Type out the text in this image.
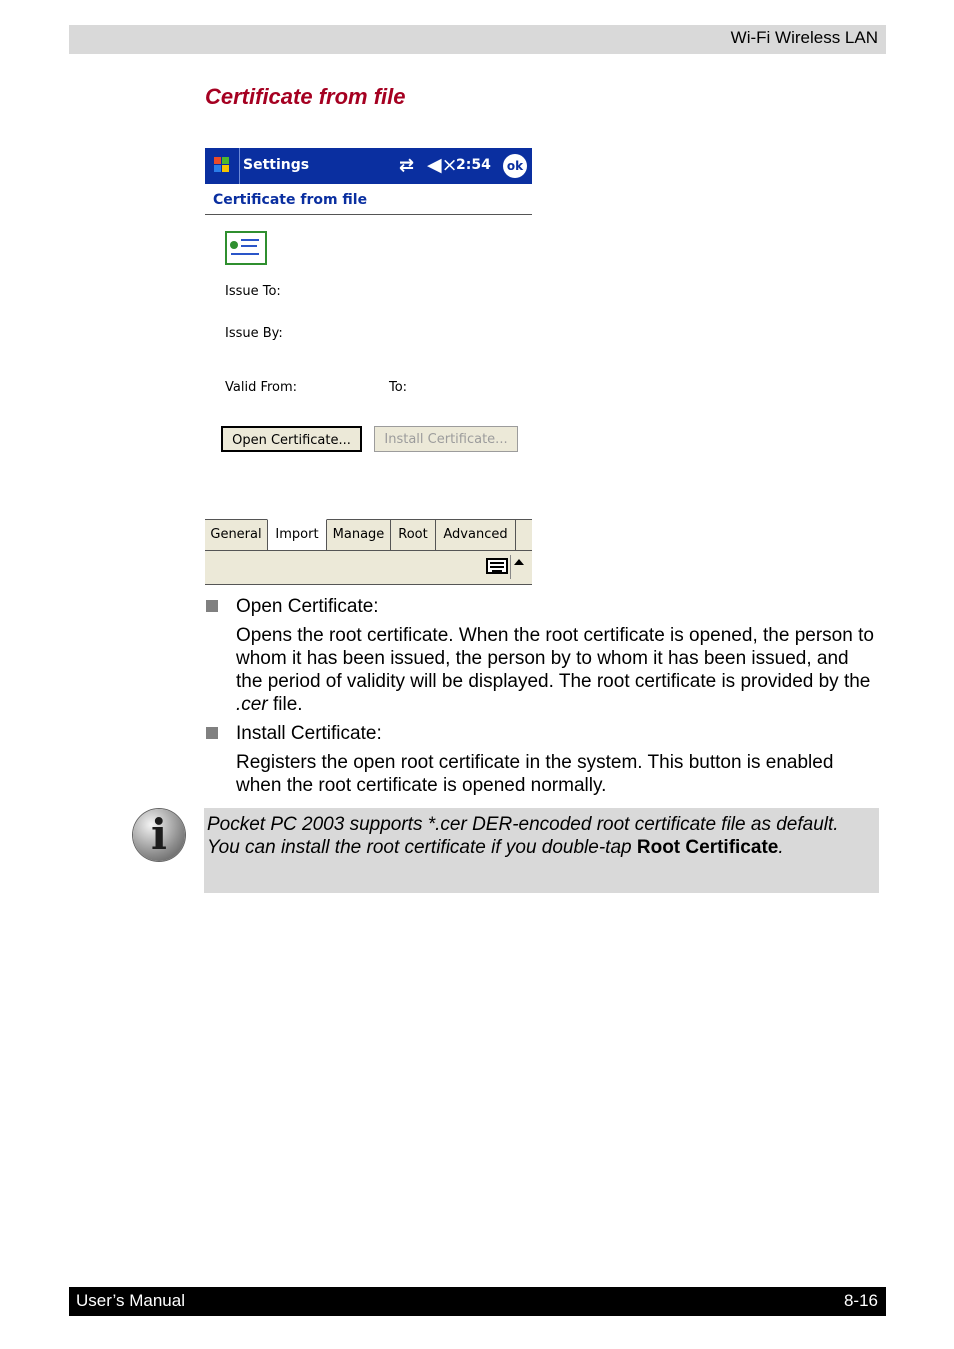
Wi-Fi Wireless LAN
Certificate from file
Settings	⇄ ◀×
2:54	ok
Certificate from file
Issue To:
Issue By:
Valid From:	To:
Open Certificate...	Install Certificate...
General	Import	Manage	Root	Advanced
Open Certificate:
Opens the root certificate. When the root certificate is opened, the person to whom it has been issued, the person by to whom it has been issued, and the period of validity will be displayed. The root certificate is provided by the .cer file.
Install Certificate:
Registers the open root certificate in the system. This button is enabled when the root certificate is opened normally.
i	Pocket PC 2003 supports *.cer DER-encoded root certificate file as default. You can install the root certificate if you double-tap Root Certificate.
User’s Manual	8-16
